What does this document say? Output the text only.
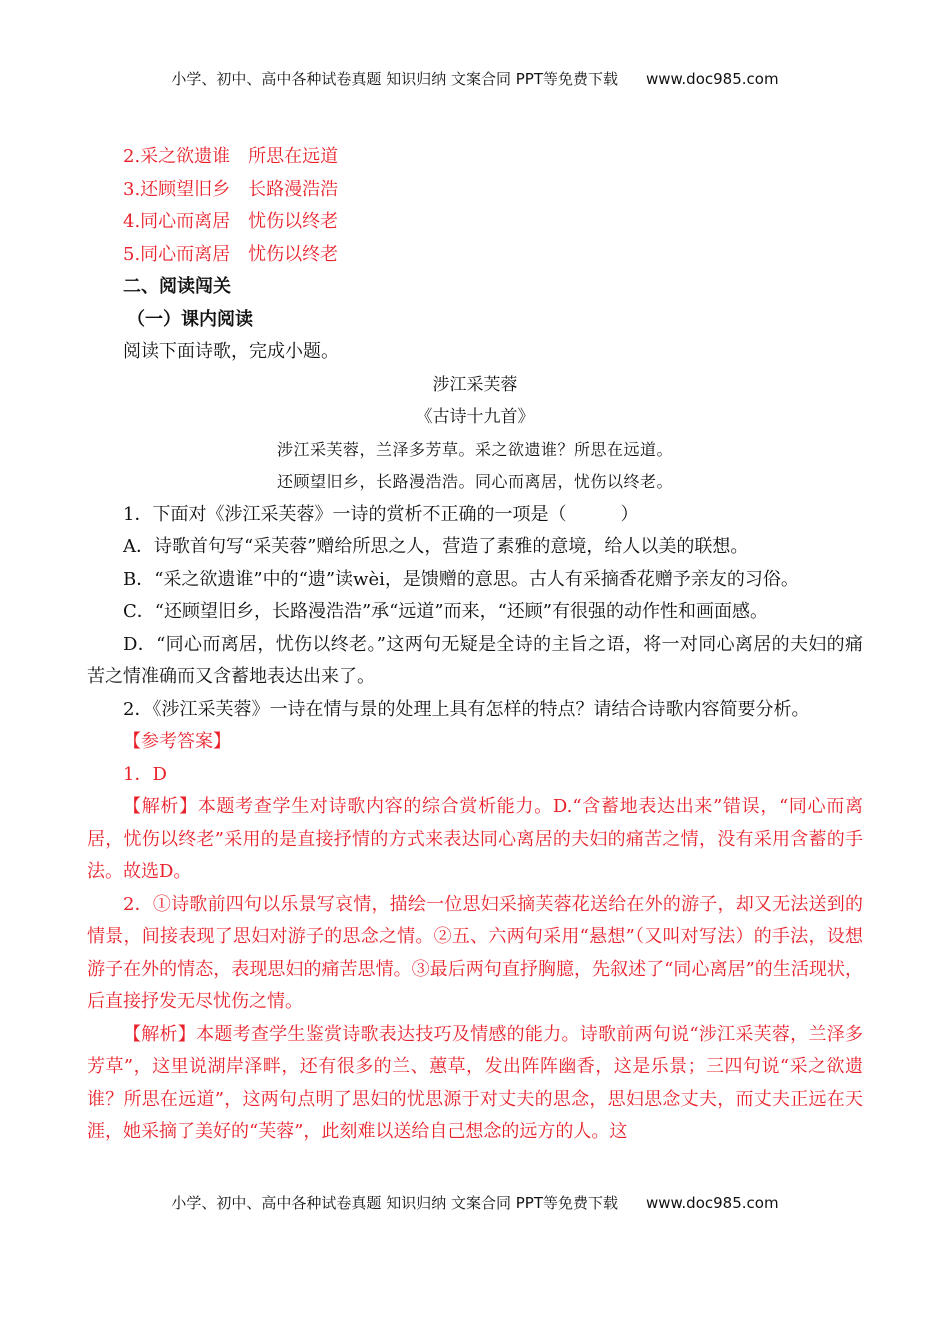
小学、初中、高中各种试卷真题 知识归纳 文案合同 PPT等免费下载 www.doc985.com

2.采之欲遗谁　所思在远道

3.还顾望旧乡　长路漫浩浩

4.同心而离居　忧伤以终老

5.同心而离居　忧伤以终老

二、阅读闯关

（一）课内阅读

阅读下面诗歌，完成小题。

涉江采芙蓉

《古诗十九首》

涉江采芙蓉，兰泽多芳草。采之欲遗谁？所思在远道。

还顾望旧乡，长路漫浩浩。同心而离居，忧伤以终老。

1．下面对《涉江采芙蓉》一诗的赏析不正确的一项是（　　　）

A．诗歌首句写“采芙蓉”赠给所思之人，营造了素雅的意境，给人以美的联想。

B．“采之欲遗谁”中的“遗”读wèi，是馈赠的意思。古人有采摘香花赠予亲友的习俗。

C．“还顾望旧乡，长路漫浩浩”承“远道”而来，“还顾”有很强的动作性和画面感。

D．“同心而离居，忧伤以终老。”这两句无疑是全诗的主旨之语，将一对同心离居的夫妇的痛苦之情准确而又含蓄地表达出来了。

2．《涉江采芙蓉》一诗在情与景的处理上具有怎样的特点？请结合诗歌内容简要分析。

【参考答案】

1．D

【解析】本题考查学生对诗歌内容的综合赏析能力。D.“含蓄地表达出来”错误，“同心而离居，忧伤以终老”采用的是直接抒情的方式来表达同心离居的夫妇的痛苦之情，没有采用含蓄的手法。故选D。

2．①诗歌前四句以乐景写哀情，描绘一位思妇采摘芙蓉花送给在外的游子，却又无法送到的情景，间接表现了思妇对游子的思念之情。②五、六两句采用“悬想”（又叫对写法）的手法，设想游子在外的情态，表现思妇的痛苦思情。③最后两句直抒胸臆，先叙述了“同心离居”的生活现状，后直接抒发无尽忧伤之情。

【解析】本题考查学生鉴赏诗歌表达技巧及情感的能力。诗歌前两句说“涉江采芙蓉，兰泽多芳草”，这里说湖岸泽畔，还有很多的兰、蕙草，发出阵阵幽香，这是乐景；三四句说“采之欲遗谁？所思在远道”，这两句点明了思妇的忧思源于对丈夫的思念，思妇思念丈夫，而丈夫正远在天涯，她采摘了美好的“芙蓉”，此刻难以送给自己想念的远方的人。这

小学、初中、高中各种试卷真题 知识归纳 文案合同 PPT等免费下载 www.doc985.com
